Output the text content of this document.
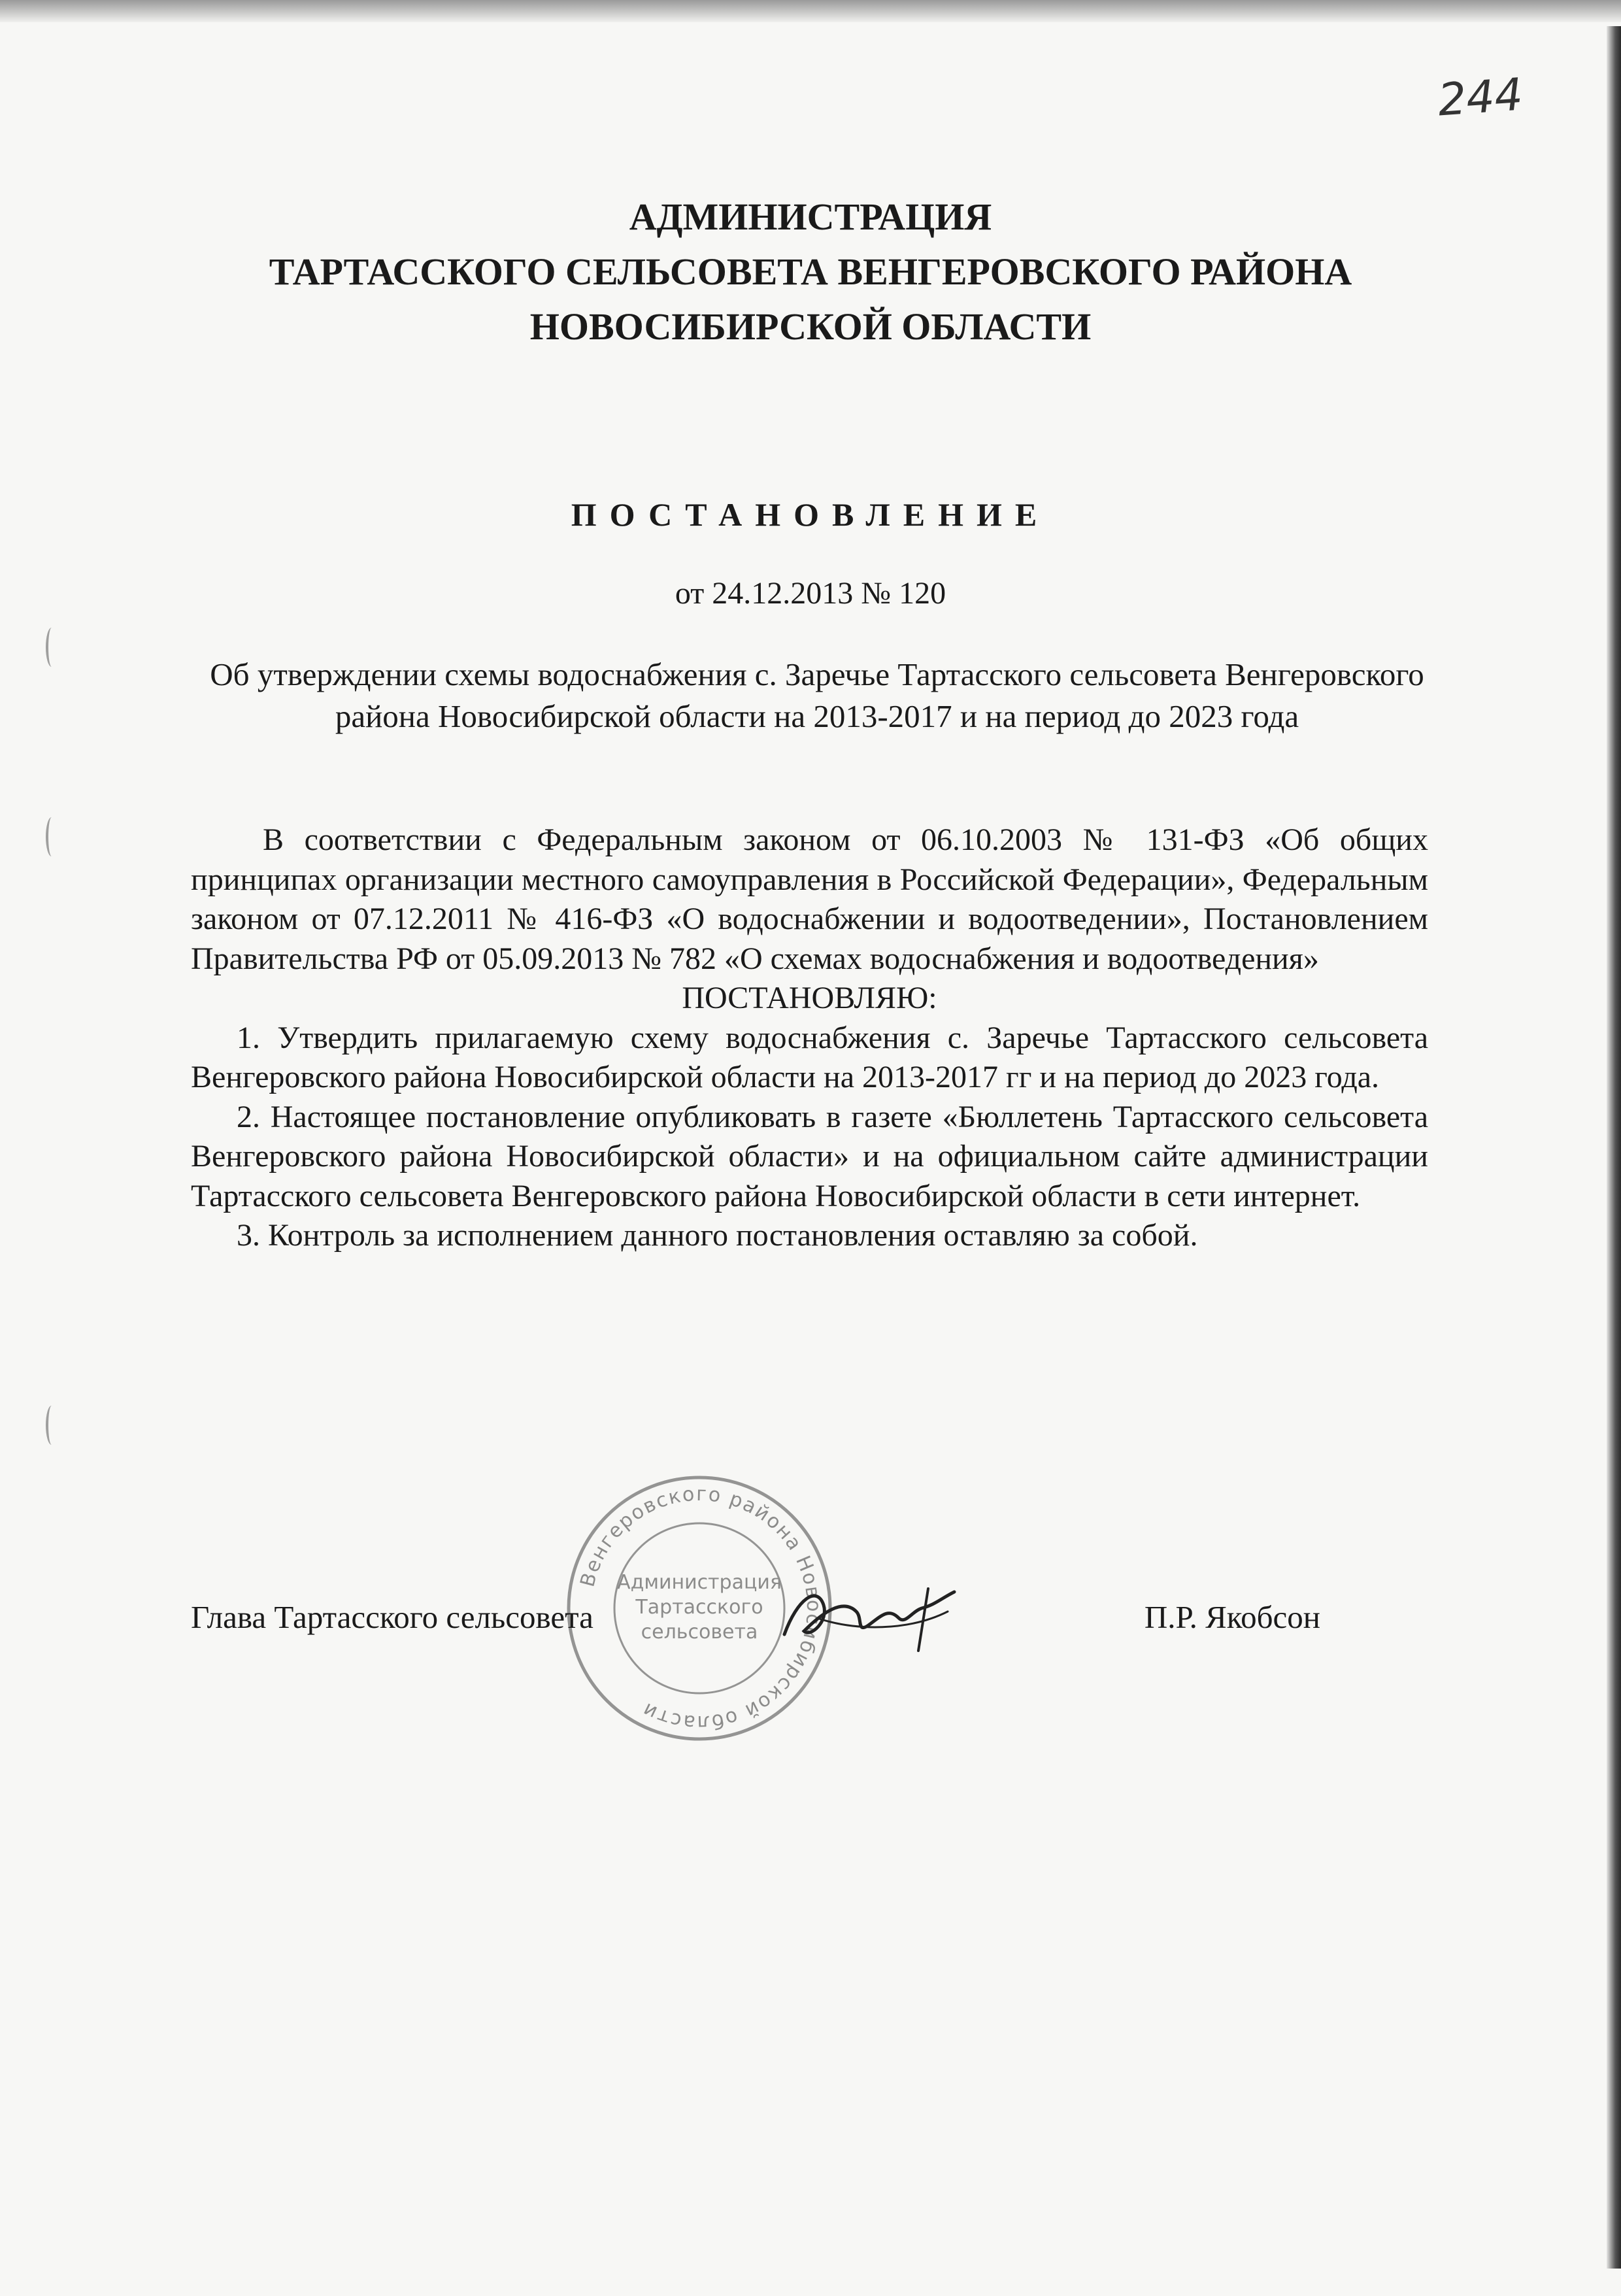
244
АДМИНИСТРАЦИЯ
ТАРТАССКОГО СЕЛЬСОВЕТА ВЕНГЕРОВСКОГО РАЙОНА
НОВОСИБИРСКОЙ ОБЛАСТИ
ПОСТАНОВЛЕНИЕ
от 24.12.2013 № 120
Об утверждении схемы водоснабжения с. Заречье Тартасского сельсовета Венгеровского района Новосибирской области на 2013-2017 и на период до 2023 года

В соответствии с Федеральным законом от 06.10.2003 № 131-ФЗ «Об общих принципах организации местного самоуправления в Российской Федерации», Федеральным законом от 07.12.2011 № 416-ФЗ «О водоснабжении и водоотведении», Постановлением Правительства РФ от 05.09.2013 № 782 «О схемах водоснабжения и водоотведения»

ПОСТАНОВЛЯЮ:

1. Утвердить прилагаемую схему водоснабжения с. Заречье Тартасского сельсовета Венгеровского района Новосибирской области на 2013-2017 гг и на период до 2023 года.

2. Настоящее постановление опубликовать в газете «Бюллетень Тартасского сельсовета Венгеровского района Новосибирской области» и на официальном сайте администрации Тартасского сельсовета Венгеровского района Новосибирской области в сети интернет.

3. Контроль за исполнением данного постановления оставляю за собой.

Венгеровского района Новосибирской области
Администрация
Тартасского
сельсовета
Глава Тартасского сельсовета	П.Р. Якобсон
